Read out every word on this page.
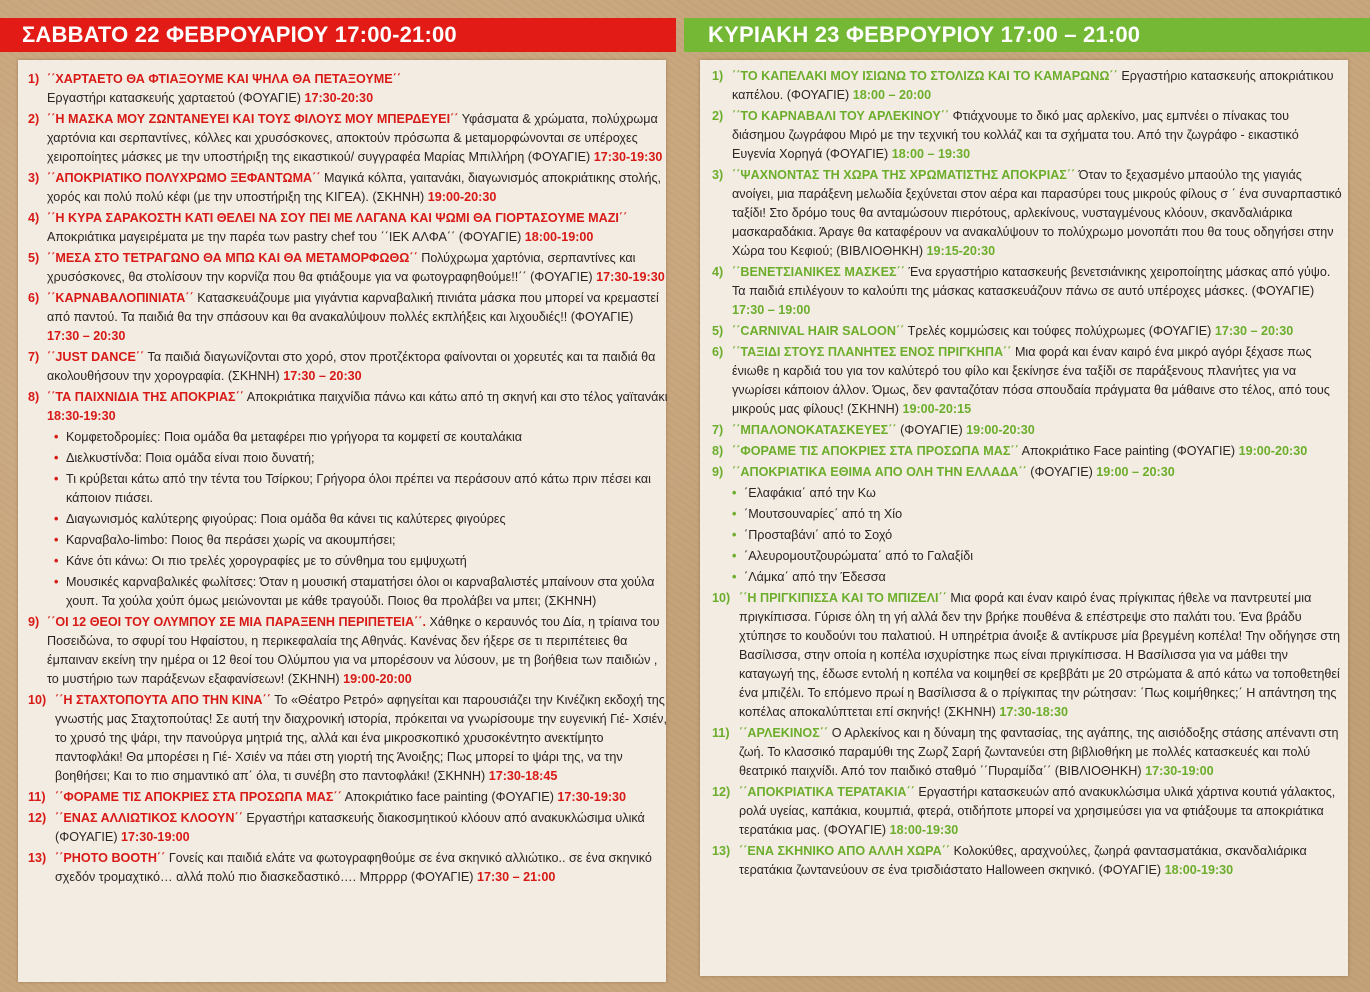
ΣΑΒΒΑΤΟ 22 ΦΕΒΡΟΥΑΡΙΟΥ 17:00-21:00	ΚΥΡΙΑΚΗ 23 ΦΕΒΡΟΥΡΙΟΥ 17:00 – 21:00
1) ΄΄ΧΑΡΤΑΕΤΟ ΘΑ ΦΤΙΑΞΟΥΜΕ ΚΑΙ ΨΗΛΑ ΘΑ ΠΕΤΑΞΟΥΜΕ΄΄
Εργαστήρι κατασκευής χαρταετού (ΦΟΥΑΓΙΕ) 17:30-20:30
2) ΄΄Η ΜΑΣΚΑ ΜΟΥ ΖΩΝΤΑΝΕΥΕΙ ΚΑΙ ΤΟΥΣ ΦΙΛΟΥΣ ΜΟΥ ΜΠΕΡΔΕΥΕΙ΄΄ Υφάσματα & χρώματα, πολύχρωμα χαρτόνια και σερπαντίνες, κόλλες και χρυσόσκονες, αποκτούν πρόσωπα & μεταμορφώνονται σε υπέροχες χειροποίητες μάσκες με την υποστήριξη της εικαστικού/ συγγραφέα Μαρίας Μπιλλήρη (ΦΟΥΑΓΙΕ) 17:30-19:30
3) ΄΄ΑΠΟΚΡΙΑΤΙΚΟ ΠΟΛΥΧΡΩΜΟ ΞΕΦΑΝΤΩΜΑ΄΄ Μαγικά κόλπα, γαιτανάκι, διαγωνισμός αποκριάτικης στολής, χορός και πολύ πολύ κέφι (με την υποστήριξη της ΚΙΓΕΑ). (ΣΚΗΝΗ) 19:00-20:30
4) ΄΄Η ΚΥΡΑ ΣΑΡΑΚΟΣΤΗ ΚΑΤΙ ΘΕΛΕΙ ΝΑ ΣΟΥ ΠΕΙ ΜΕ ΛΑΓΑΝΑ ΚΑΙ ΨΩΜΙ ΘΑ ΓΙΟΡΤΑΣΟΥΜΕ ΜΑΖΙ΄΄ Αποκριάτικα μαγειρέματα με την παρέα των pastry chef του ΄΄ΙΕΚ ΑΛΦΑ΄΄ (ΦΟΥΑΓΙΕ) 18:00-19:00
5) ΄΄ΜΕΣΑ ΣΤΟ ΤΕΤΡΑΓΩΝΟ ΘΑ ΜΠΩ ΚΑΙ ΘΑ ΜΕΤΑΜΟΡΦΩΘΩ΄΄ Πολύχρωμα χαρτόνια, σερπαντίνες και χρυσόσκονες, θα στολίσουν την κορνίζα που θα φτιάξουμε για να φωτογραφηθούμε!!΄΄ (ΦΟΥΑΓΙΕ) 17:30-19:30
6) ΄΄ΚΑΡΝΑΒΑΛΟΠΙΝΙΑΤΑ΄΄ Κατασκευάζουμε μια γιγάντια καρναβαλική πινιάτα μάσκα που μπορεί να κρεμαστεί από παντού. Τα παιδιά θα την σπάσουν και θα ανακαλύψουν πολλές εκπλήξεις και λιχουδιές!! (ΦΟΥΑΓΙΕ) 17:30 – 20:30
7) ΄΄JUST DANCE΄΄ Τα παιδιά διαγωνίζονται στο χορό, στον προτζέκτορα φαίνονται οι χορευτές και τα παιδιά θα ακολουθήσουν την χορογραφία. (ΣΚΗΝΗ) 17:30 – 20:30
8) ΄΄ΤΑ ΠΑΙΧΝΙΔΙΑ ΤΗΣ ΑΠΟΚΡΙΑΣ΄΄ Αποκριάτικα παιχνίδια πάνω και κάτω από τη σκηνή και στο τέλος γαϊτανάκι 18:30-19:30
• Κομφετοδρομίες: Ποια ομάδα θα μεταφέρει πιο γρήγορα τα κομφετί σε κουταλάκια
• Διελκυστίνδα: Ποια ομάδα είναι ποιο δυνατή;
• Τι κρύβεται κάτω από την τέντα του Τσίρκου; Γρήγορα όλοι πρέπει να περάσουν από κάτω πριν πέσει και κάποιον πιάσει.
• Διαγωνισμός καλύτερης φιγούρας: Ποια ομάδα θα κάνει τις καλύτερες φιγούρες
• Καρναβαλο-limbo: Ποιος θα περάσει χωρίς να ακουμπήσει;
• Κάνε ότι κάνω: Οι πιο τρελές χορογραφίες με το σύνθημα του εμψυχωτή
• Μουσικές καρναβαλικές φωλίτσες: Όταν η μουσική σταματήσει όλοι οι καρναβαλιστές μπαίνουν στα χούλα χουπ. Τα χούλα χούπ όμως μειώνονται με κάθε τραγούδι. Ποιος θα προλάβει να μπει; (ΣΚΗΝΗ)
9) ΄΄ΟΙ 12 ΘΕΟΙ ΤΟΥ ΟΛΥΜΠΟΥ ΣΕ ΜΙΑ ΠΑΡΑΞΕΝΗ ΠΕΡΙΠΕΤΕΙΑ΄΄. Χάθηκε ο κεραυνός του Δία, η τρίαινα του Ποσειδώνα, το σφυρί του Ηφαίστου, η περικεφαλαία της Αθηνάς. Κανένας δεν ήξερε σε τι περιπέτειες θα έμπαιναν εκείνη την ημέρα οι 12 θεοί του Ολύμπου για να μπορέσουν να λύσουν, με τη βοήθεια των παιδιών , το μυστήριο των παράξενων εξαφανίσεων! (ΣΚΗΝΗ) 19:00-20:00
10) ΄΄Η ΣΤΑΧΤΟΠΟΥΤΑ ΑΠΟ ΤΗΝ ΚΙΝΑ΄΄ Το «Θέατρο Ρετρό» αφηγείται και παρουσιάζει την Κινέζικη εκδοχή της γνωστής μας Σταχτοπούτας! Σε αυτή την διαχρονική ιστορία, πρόκειται να γνωρίσουμε την ευγενική Γιέ- Χσιέν, το χρυσό της ψάρι, την πανούργα μητριά της, αλλά και ένα μικροσκοπικό χρυσοκέντητο ανεκτίμητο παντοφλάκι! Θα μπορέσει η Γιέ- Χσιέν να πάει στη γιορτή της Άνοιξης; Πως μπορεί το ψάρι της, να την βοηθήσει; Και το πιο σημαντικό απ΄ όλα, τι συνέβη στο παντοφλάκι! (ΣΚΗΝΗ) 17:30-18:45
11) ΄΄ΦΟΡΑΜΕ ΤΙΣ ΑΠΟΚΡΙΕΣ ΣΤΑ ΠΡΟΣΩΠΑ ΜΑΣ΄΄ Αποκριάτικο face painting (ΦΟΥΑΓΙΕ) 17:30-19:30
12) ΄΄ΕΝΑΣ ΑΛΛΙΩΤΙΚΟΣ ΚΛΟΟΥΝ΄΄ Εργαστήρι κατασκευής διακοσμητικού κλόουν από ανακυκλώσιμα υλικά (ΦΟΥΑΓΙΕ) 17:30-19:00
13) ΄΄PHOTO BOOTH΄΄ Γονείς και παιδιά ελάτε να φωτογραφηθούμε σε ένα σκηνικό αλλιώτικο.. σε ένα σκηνικό σχεδόν τρομαχτικό… αλλά πολύ πιο διασκεδαστικό…. Μπρρρρ (ΦΟΥΑΓΙΕ) 17:30 – 21:00
1) ΄΄ΤΟ ΚΑΠΕΛΑΚΙ ΜΟΥ ΙΣΙΩΝΩ ΤΟ ΣΤΟΛΙΖΩ ΚΑΙ ΤΟ ΚΑΜΑΡΩΝΩ΄΄ Εργαστήριο κατασκευής αποκριάτικου καπέλου. (ΦΟΥΑΓΙΕ) 18:00 – 20:00
2) ΄΄ΤΟ ΚΑΡΝΑΒΑΛΙ ΤΟΥ ΑΡΛΕΚΙΝΟΥ΄΄ Φτιάχνουμε το δικό μας αρλεκίνο, μας εμπνέει ο πίνακας του διάσημου ζωγράφου Μιρό με την τεχνική του κολλάζ και τα σχήματα του. Από την ζωγράφο - εικαστικό Ευγενία Χορηγά (ΦΟΥΑΓΙΕ) 18:00 – 19:30
3) ΄΄ΨΑΧΝΟΝΤΑΣ ΤΗ ΧΩΡΑ ΤΗΣ ΧΡΩΜΑΤΙΣΤΗΣ ΑΠΟΚΡΙΑΣ΄΄ Όταν το ξεχασμένο μπαούλο της γιαγιάς ανοίγει, μια παράξενη μελωδία ξεχύνεται στον αέρα και παρασύρει τους μικρούς φίλους σ ΄ ένα συναρπαστικό ταξίδι! Στο δρόμο τους θα ανταμώσουν πιερότους, αρλεκίνους, νυσταγμένους κλόουν, σκανδαλιάρικα μασκαραδάκια. Άραγε θα καταφέρουν να ανακαλύψουν το πολύχρωμο μονοπάτι που θα τους οδηγήσει στην Χώρα του Κεφιού; (ΒΙΒΛΙΟΘΗΚΗ) 19:15-20:30
4) ΄΄ΒΕΝΕΤΣΙΑΝΙΚΕΣ ΜΑΣΚΕΣ΄΄ Ένα εργαστήριο κατασκευής βενετσιάνικης χειροποίητης μάσκας από γύψο. Τα παιδιά επιλέγουν το καλούπι της μάσκας κατασκευάζουν πάνω σε αυτό υπέροχες μάσκες. (ΦΟΥΑΓΙΕ) 17:30 – 19:00
5) ΄΄CARNIVAL HAIR SALOON΄΄ Τρελές κομμώσεις και τούφες πολύχρωμες (ΦΟΥΑΓΙΕ) 17:30 – 20:30
6) ΄΄ΤΑΞΙΔΙ ΣΤΟΥΣ ΠΛΑΝΗΤΕΣ ΕΝΟΣ ΠΡΙΓΚΗΠΑ΄΄ Μια φορά και έναν καιρό ένα μικρό αγόρι ξέχασε πως ένιωθε η καρδιά του για τον καλύτερό του φίλο και ξεκίνησε ένα ταξίδι σε παράξενους πλανήτες για να γνωρίσει κάποιον άλλον. Όμως, δεν φανταζόταν πόσα σπουδαία πράγματα θα μάθαινε στο τέλος, από τους μικρούς μας φίλους! (ΣΚΗΝΗ) 19:00-20:15
7) ΄΄ΜΠΑΛΟΝΟΚΑΤΑΣΚΕΥΕΣ΄΄ (ΦΟΥΑΓΙΕ) 19:00-20:30
8) ΄΄ΦΟΡΑΜΕ ΤΙΣ ΑΠΟΚΡΙΕΣ ΣΤΑ ΠΡΟΣΩΠΑ ΜΑΣ΄΄ Αποκριάτικο Face painting (ΦΟΥΑΓΙΕ) 19:00-20:30
9) ΄΄ΑΠΟΚΡΙΑΤΙΚΑ ΕΘΙΜΑ ΑΠΟ ΟΛΗ ΤΗΝ ΕΛΛΑΔΑ΄΄ (ΦΟΥΑΓΙΕ) 19:00 – 20:30
• ΄Ελαφάκια΄ από την Κω
• ΄Μουτσουναρίες΄ από τη Χίο
• ΄Προσταβάνι΄ από το Σοχό
• ΄Αλευρομουτζουρώματα΄ από το Γαλαξίδι
• ΄Λάμκα΄ από την Έδεσσα
10) ΄΄Η ΠΡΙΓΚΙΠΙΣΣΑ ΚΑΙ ΤΟ ΜΠΙΖΕΛΙ΄΄ Μια φορά και έναν καιρό ένας πρίγκιπας ήθελε να παντρευτεί μια πριγκίπισσα. Γύρισε όλη τη γή αλλά δεν την βρήκε πουθένα & επέστρεψε στο παλάτι του. Ένα βράδυ χτύπησε το κουδούνι του παλατιού. Η υπηρέτρια άνοιξε & αντίκρυσε μία βρεγμένη κοπέλα! Την οδήγησε στη Βασίλισσα, στην οποία η κοπέλα ισχυρίστηκε πως είναι πριγκίπισσα. Η Βασίλισσα για να μάθει την καταγωγή της, έδωσε εντολή η κοπέλα να κοιμηθεί σε κρεββάτι με 20 στρώματα & από κάτω να τοποθετηθεί ένα μπιζέλι. Το επόμενο πρωί η Βασίλισσα & ο πρίγκιπας την ρώτησαν: ΄Πως κοιμήθηκες;΄ Η απάντηση της κοπέλας αποκαλύπτεται επί σκηνής! (ΣΚΗΝΗ) 17:30-18:30
11) ΄΄ΑΡΛΕΚΙΝΟΣ΄΄ Ο Αρλεκίνος και η δύναμη της φαντασίας, της αγάπης, της αισιόδοξης στάσης απέναντι στη ζωή. Το κλασσικό παραμύθι της Ζωρζ Σαρή ζωντανεύει στη βιβλιοθήκη με πολλές κατασκευές και πολύ θεατρικό παιχνίδι. Από τον παιδικό σταθμό ΄΄Πυραμίδα΄΄ (ΒΙΒΛΙΟΘΗΚΗ) 17:30-19:00
12) ΄΄ΑΠΟΚΡΙΑΤΙΚΑ ΤΕΡΑΤΑΚΙΑ΄΄ Εργαστήρι κατασκευών από ανακυκλώσιμα υλικά χάρτινα κουτιά γάλακτος, ρολά υγείας, καπάκια, κουμπιά, φτερά, οτιδήποτε μπορεί να χρησιμεύσει για να φτιάξουμε τα αποκριάτικα τερατάκια μας. (ΦΟΥΑΓΙΕ) 18:00-19:30
13) ΄΄ΕΝΑ ΣΚΗΝΙΚΟ ΑΠΟ ΑΛΛΗ ΧΩΡΑ΄΄ Κολοκύθες, αραχνούλες, ζωηρά φαντασματάκια, σκανδαλιάρικα τερατάκια ζωντανεύουν σε ένα τρισδιάστατο Halloween σκηνικό. (ΦΟΥΑΓΙΕ) 18:00-19:30
